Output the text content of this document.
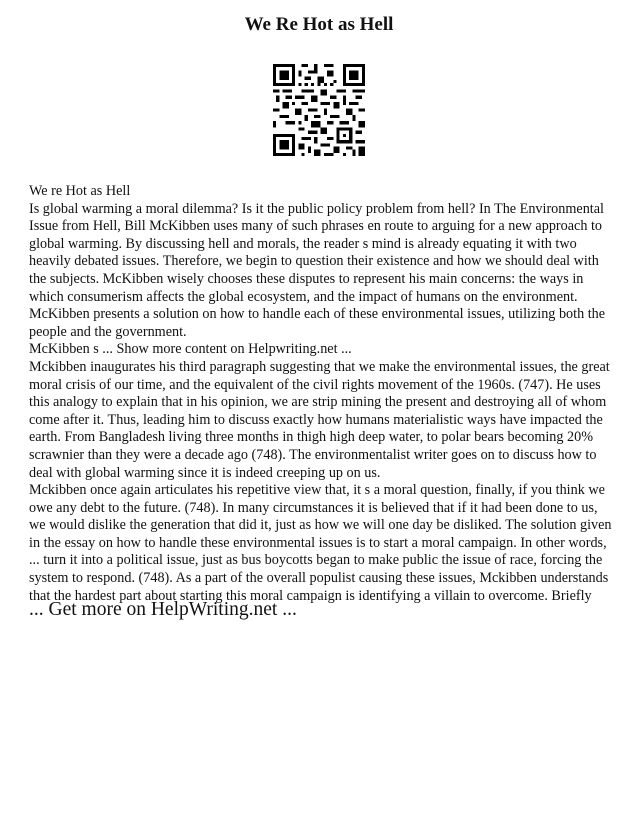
We Re Hot as Hell

We re Hot as Hell

Is global warming a moral dilemma? Is it the public policy problem from hell? In The Environmental Issue from Hell, Bill McKibben uses many of such phrases en route to arguing for a new approach to global warming. By discussing hell and morals, the reader s mind is already equating it with two heavily debated issues. Therefore, we begin to question their existence and how we should deal with the subjects. McKibben wisely chooses these disputes to represent his main concerns: the ways in which consumerism affects the global ecosystem, and the impact of humans on the environment. McKibben presents a solution on how to handle each of these environmental issues, utilizing both the people and the government.

McKibben s ... Show more content on Helpwriting.net ...

Mckibben inaugurates his third paragraph suggesting that we make the environmental issues, the great moral crisis of our time, and the equivalent of the civil rights movement of the 1960s. (747). He uses this analogy to explain that in his opinion, we are strip mining the present and destroying all of whom come after it. Thus, leading him to discuss exactly how humans materialistic ways have impacted the earth. From Bangladesh living three months in thigh high deep water, to polar bears becoming 20% scrawnier than they were a decade ago (748). The environmentalist writer goes on to discuss how to deal with global warming since it is indeed creeping up on us.

Mckibben once again articulates his repetitive view that, it s a moral question, finally, if you think we owe any debt to the future. (748). In many circumstances it is believed that if it had been done to us, we would dislike the generation that did it, just as how we will one day be disliked. The solution given in the essay on how to handle these environmental issues is to start a moral campaign. In other words, ... turn it into a political issue, just as bus boycotts began to make public the issue of race, forcing the system to respond. (748). As a part of the overall populist causing these issues, Mckibben understands that the hardest part about starting this moral campaign is identifying a villain to overcome. Briefly

... Get more on HelpWriting.net ...
